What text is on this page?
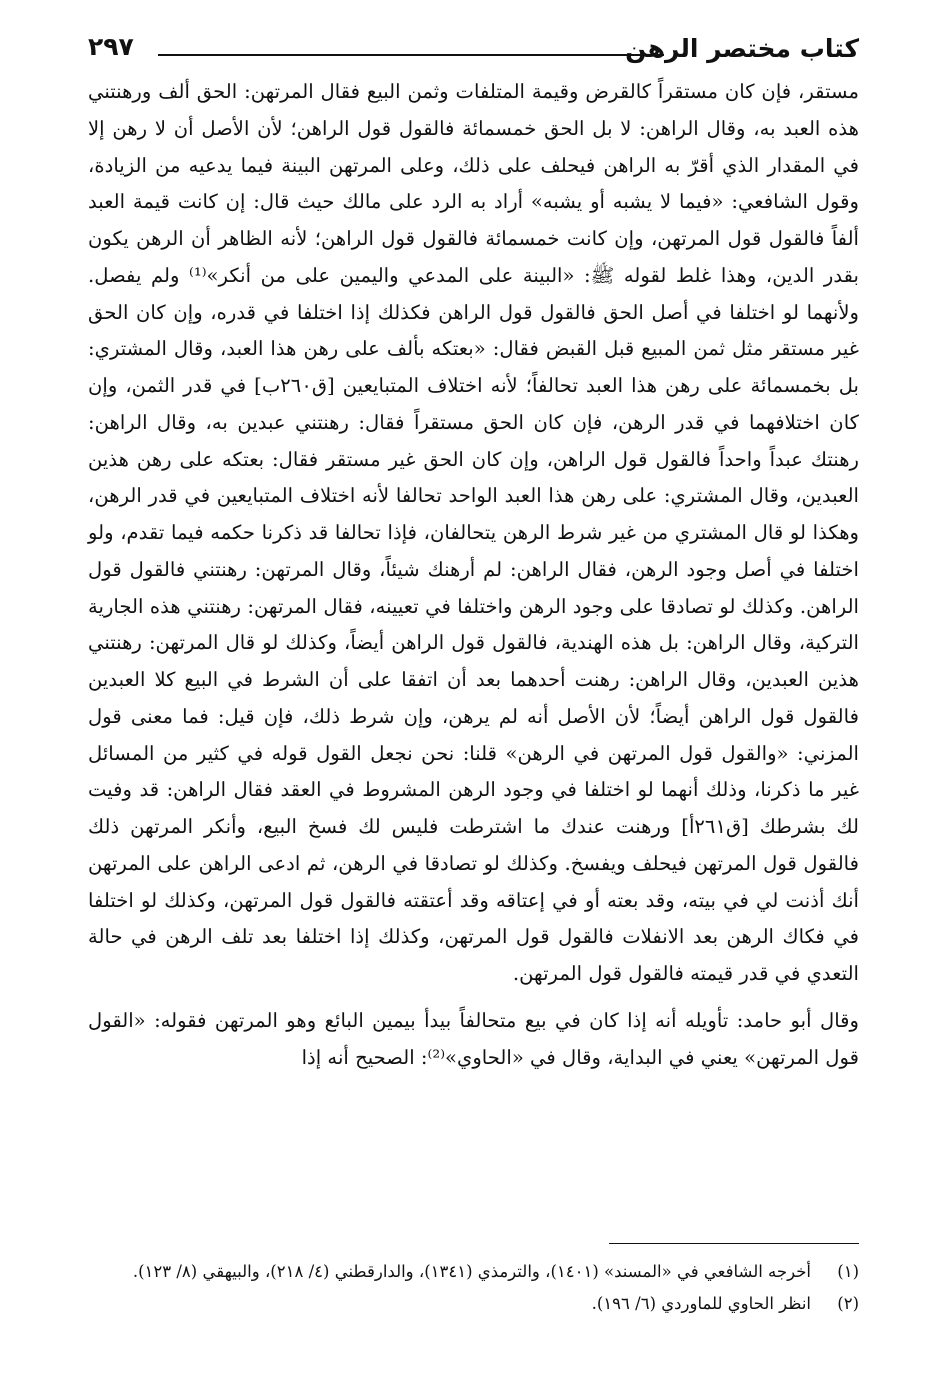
كتاب مختصر الرهن
٢٩٧

مستقر، فإن كان مستقراً كالقرض وقيمة المتلفات وثمن البيع فقال المرتهن: الحق ألف ورهنتني هذه العبد به، وقال الراهن: لا بل الحق خمسمائة فالقول قول الراهن؛ لأن الأصل أن لا رهن إلا في المقدار الذي أقرّ به الراهن فيحلف على ذلك، وعلى المرتهن البينة فيما يدعيه من الزيادة، وقول الشافعي: «فيما لا يشبه أو يشبه» أراد به الرد على مالك حيث قال: إن كانت قيمة العبد ألفاً فالقول قول المرتهن، وإن كانت خمسمائة فالقول قول الراهن؛ لأنه الظاهر أن الرهن يكون بقدر الدين، وهذا غلط لقوله ﷺ: «البينة على المدعي واليمين على من أنكر»⁽¹⁾ ولم يفصل. ولأنهما لو اختلفا في أصل الحق فالقول قول الراهن فكذلك إذا اختلفا في قدره، وإن كان الحق غير مستقر مثل ثمن المبيع قبل القبض فقال: «بعتكه بألف على رهن هذا العبد، وقال المشتري: بل بخمسمائة على رهن هذا العبد تحالفاً؛ لأنه اختلاف المتبايعين [ق٢٦٠ب] في قدر الثمن، وإن كان اختلافهما في قدر الرهن، فإن كان الحق مستقراً فقال: رهنتني عبدين به، وقال الراهن: رهنتك عبداً واحداً فالقول قول الراهن، وإن كان الحق غير مستقر فقال: بعتكه على رهن هذين العبدين، وقال المشتري: على رهن هذا العبد الواحد تحالفا لأنه اختلاف المتبايعين في قدر الرهن، وهكذا لو قال المشتري من غير شرط الرهن يتحالفان، فإذا تحالفا قد ذكرنا حكمه فيما تقدم، ولو اختلفا في أصل وجود الرهن، فقال الراهن: لم أرهنك شيئاً، وقال المرتهن: رهنتني فالقول قول الراهن. وكذلك لو تصادقا على وجود الرهن واختلفا في تعيينه، فقال المرتهن: رهنتني هذه الجارية التركية، وقال الراهن: بل هذه الهندية، فالقول قول الراهن أيضاً، وكذلك لو قال المرتهن: رهنتني هذين العبدين، وقال الراهن: رهنت أحدهما بعد أن اتفقا على أن الشرط في البيع كلا العبدين فالقول قول الراهن أيضاً؛ لأن الأصل أنه لم يرهن، وإن شرط ذلك، فإن قيل: فما معنى قول المزني: «والقول قول المرتهن في الرهن» قلنا: نحن نجعل القول قوله في كثير من المسائل غير ما ذكرنا، وذلك أنهما لو اختلفا في وجود الرهن المشروط في العقد فقال الراهن: قد وفيت لك بشرطك [ق٢٦١أ] ورهنت عندك ما اشترطت فليس لك فسخ البيع، وأنكر المرتهن ذلك فالقول قول المرتهن فيحلف ويفسخ. وكذلك لو تصادقا في الرهن، ثم ادعى الراهن على المرتهن أنك أذنت لي في بيته، وقد بعته أو في إعتاقه وقد أعتقته فالقول قول المرتهن، وكذلك لو اختلفا في فكاك الرهن بعد الانفلات فالقول قول المرتهن، وكذلك إذا اختلفا بعد تلف الرهن في حالة التعدي في قدر قيمته فالقول قول المرتهن.

وقال أبو حامد: تأويله أنه إذا كان في بيع متحالفاً بيدأ بيمين البائع وهو المرتهن فقوله: «القول قول المرتهن» يعني في البداية، وقال في «الحاوي»⁽²⁾: الصحيح أنه إذا

(١)
أخرجه الشافعي في «المسند» (١٤٠١)، والترمذي (١٣٤١)، والدارقطني (٤/ ٢١٨)، والبيهقي (٨/ ١٢٣).
(٢)
انظر الحاوي للماوردي (٦/ ١٩٦).
